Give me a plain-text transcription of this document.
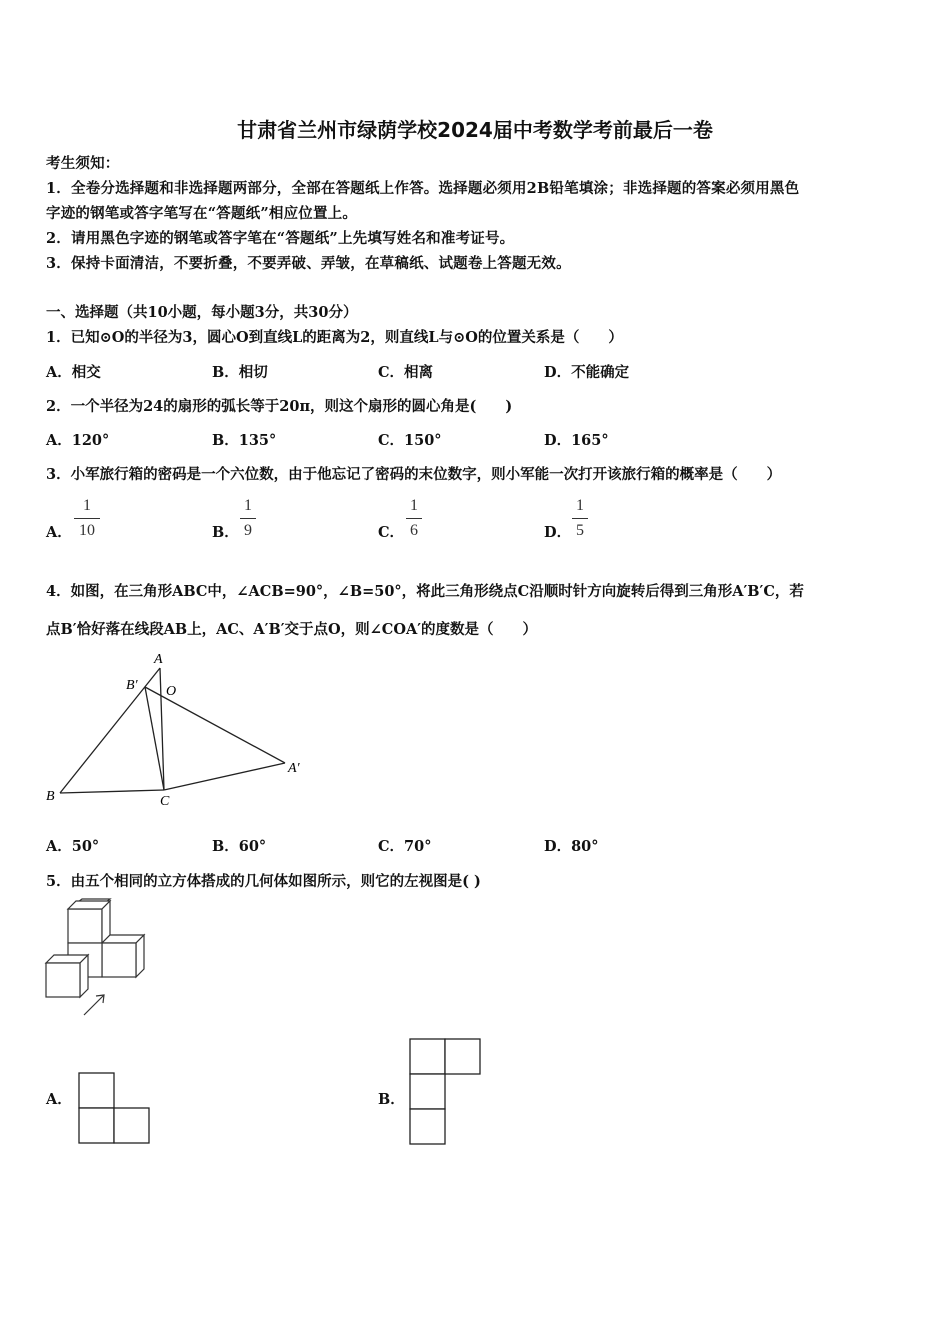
甘肃省兰州市绿荫学校2024届中考数学考前最后一卷
考生须知：
1．全卷分选择题和非选择题两部分，全部在答题纸上作答。选择题必须用2B铅笔填涂；非选择题的答案必须用黑色
字迹的钢笔或答字笔写在“答题纸”相应位置上。
2．请用黑色字迹的钢笔或答字笔在“答题纸”上先填写姓名和准考证号。
3．保持卡面清洁，不要折叠，不要弄破、弄皱，在草稿纸、试题卷上答题无效。
一、选择题（共10小题，每小题3分，共30分）
1．已知⊙O的半径为3，圆心O到直线L的距离为2，则直线L与⊙O的位置关系是（　　）
A．相交	B．相切	C．相离	D．不能确定
2．一个半径为24的扇形的弧长等于20π，则这个扇形的圆心角是(　　)
A．120°	B．135°	C．150°	D．165°
3．小军旅行箱的密码是一个六位数，由于他忘记了密码的末位数字，则小军能一次打开该旅行箱的概率是（　　）
A．
1
10	B．
1
9	C．
1
6	D．
1
5
4．如图，在三角形ABC中，∠ACB=90°，∠B=50°，将此三角形绕点C沿顺时针方向旋转后得到三角形A′B′C，若
点B′恰好落在线段AB上，AC、A′B′交于点O，则∠COA′的度数是（　　）
A
B′ O
A′
B	C
A．50°	B．60°	C．70°	D．80°
5．由五个相同的立方体搭成的几何体如图所示，则它的左视图是( )
A．	B．
